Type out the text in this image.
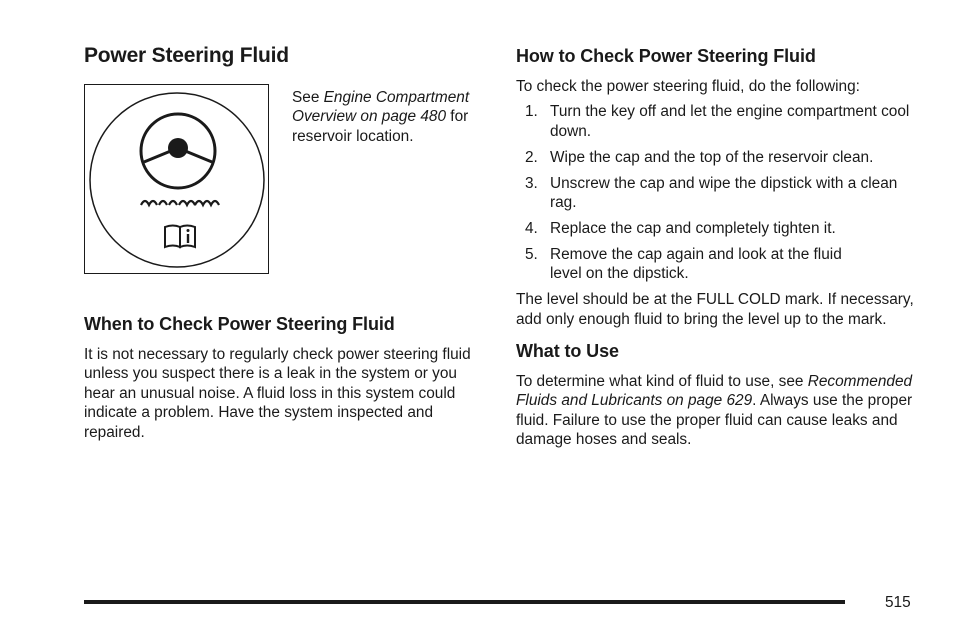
Power Steering Fluid
See Engine Compartment Overview on page 480 for reservoir location.
When to Check Power Steering Fluid

It is not necessary to regularly check power steering fluid unless you suspect there is a leak in the system or you hear an unusual noise. A fluid loss in this system could indicate a problem. Have the system inspected and repaired.

How to Check Power Steering Fluid

To check the power steering fluid, do the following:

1. Turn the key off and let the engine compartment cool down.
2. Wipe the cap and the top of the reservoir clean.
3. Unscrew the cap and wipe the dipstick with a clean rag.
4. Replace the cap and completely tighten it.
5. Remove the cap again and look at the fluid level on the dipstick.

The level should be at the FULL COLD mark. If necessary, add only enough fluid to bring the level up to the mark.

What to Use

To determine what kind of fluid to use, see Recommended Fluids and Lubricants on page 629. Always use the proper fluid. Failure to use the proper fluid can cause leaks and damage hoses and seals.

515
